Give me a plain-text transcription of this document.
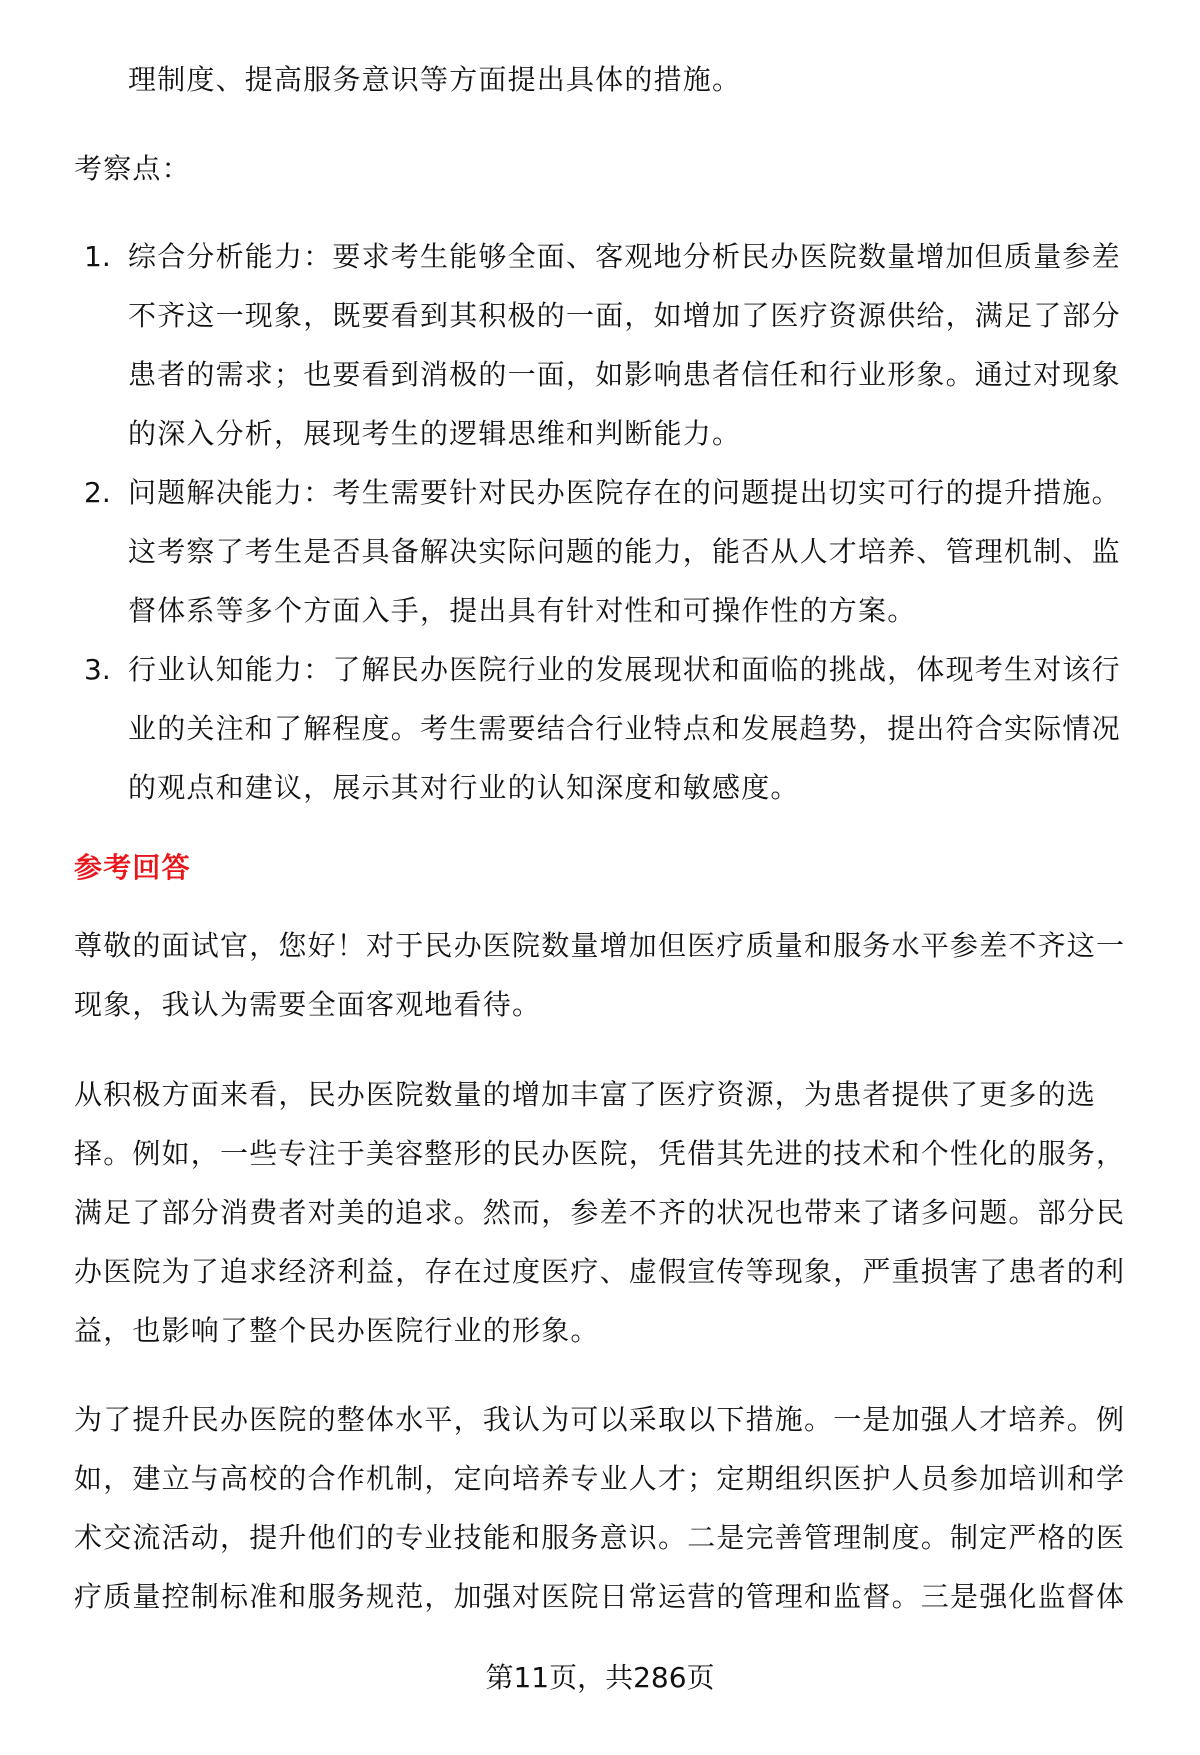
理制度、提高服务意识等方面提出具体的措施。
考察点：
1. 综合分析能力：要求考生能够全面、客观地分析民办医院数量增加但质量参差
不齐这一现象，既要看到其积极的一面，如增加了医疗资源供给，满足了部分
患者的需求；也要看到消极的一面，如影响患者信任和行业形象。通过对现象
的深入分析，展现考生的逻辑思维和判断能力。
2. 问题解决能力：考生需要针对民办医院存在的问题提出切实可行的提升措施。
这考察了考生是否具备解决实际问题的能力，能否从人才培养、管理机制、监
督体系等多个方面入手，提出具有针对性和可操作性的方案。
3. 行业认知能力：了解民办医院行业的发展现状和面临的挑战，体现考生对该行
业的关注和了解程度。考生需要结合行业特点和发展趋势，提出符合实际情况
的观点和建议，展示其对行业的认知深度和敏感度。
参考回答
尊敬的面试官，您好！对于民办医院数量增加但医疗质量和服务水平参差不齐这一
现象，我认为需要全面客观地看待。
从积极方面来看，民办医院数量的增加丰富了医疗资源，为患者提供了更多的选
择。例如，一些专注于美容整形的民办医院，凭借其先进的技术和个性化的服务，
满足了部分消费者对美的追求。然而，参差不齐的状况也带来了诸多问题。部分民
办医院为了追求经济利益，存在过度医疗、虚假宣传等现象，严重损害了患者的利
益，也影响了整个民办医院行业的形象。
为了提升民办医院的整体水平，我认为可以采取以下措施。一是加强人才培养。例
如，建立与高校的合作机制，定向培养专业人才；定期组织医护人员参加培训和学
术交流活动，提升他们的专业技能和服务意识。二是完善管理制度。制定严格的医
疗质量控制标准和服务规范，加强对医院日常运营的管理和监督。三是强化监督体
第11页，共286页
